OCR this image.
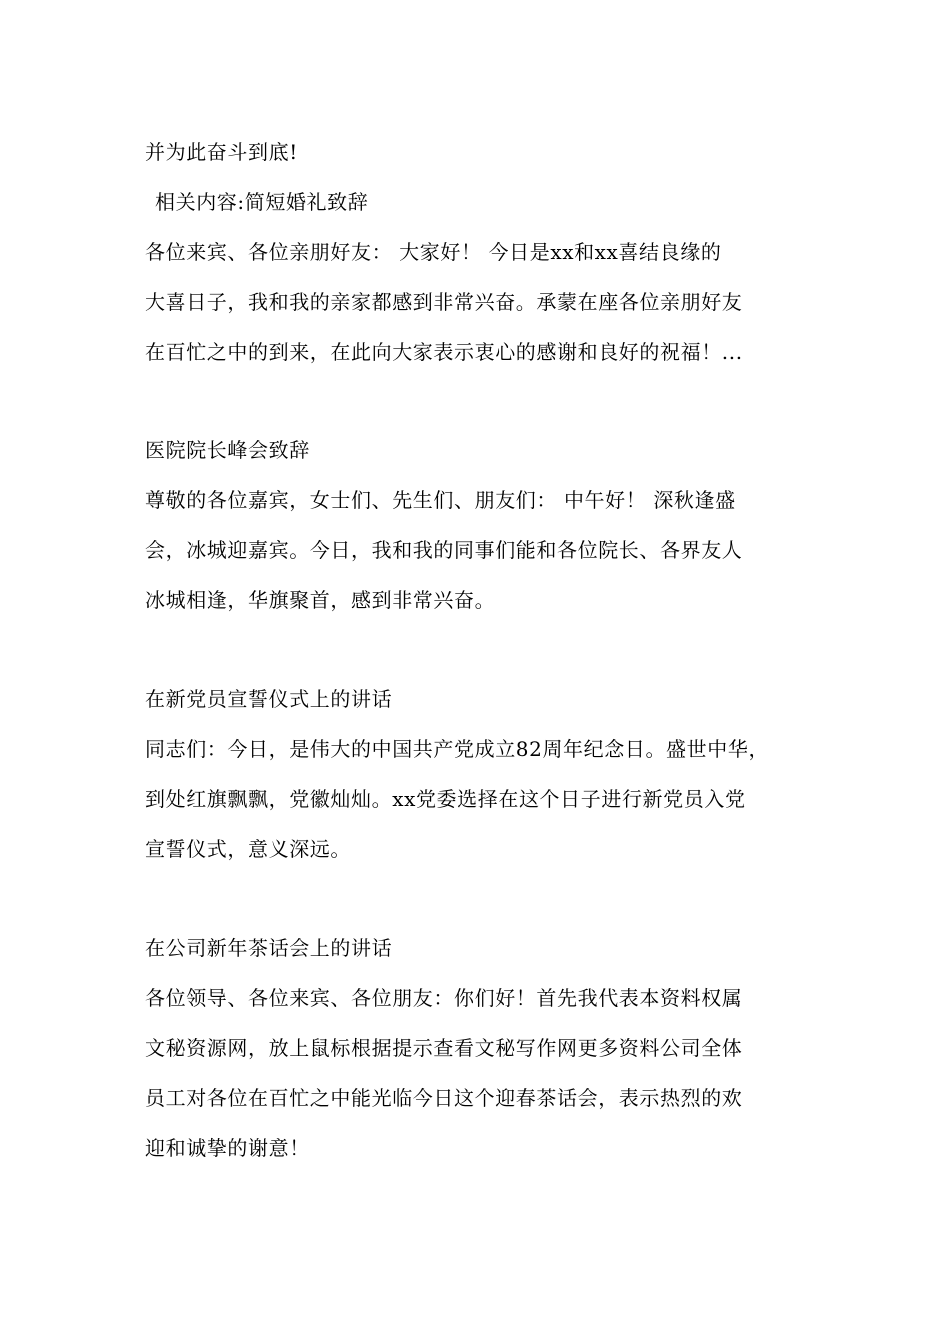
并为此奋斗到底!
相关内容:简短婚礼致辞
各位来宾、各位亲朋好友： 大家好！ 今日是xx和xx喜结良缘的
大喜日子，我和我的亲家都感到非常兴奋。承蒙在座各位亲朋好友
在百忙之中的到来，在此向大家表示衷心的感谢和良好的祝福！...
医院院长峰会致辞
尊敬的各位嘉宾，女士们、先生们、朋友们： 中午好！ 深秋逢盛
会，冰城迎嘉宾。今日，我和我的同事们能和各位院长、各界友人
冰城相逢，华旗聚首，感到非常兴奋。
在新党员宣誓仪式上的讲话
同志们：今日，是伟大的中国共产党成立82周年纪念日。盛世中华，
到处红旗飘飘，党徽灿灿。xx党委选择在这个日子进行新党员入党
宣誓仪式，意义深远。
在公司新年茶话会上的讲话
各位领导、各位来宾、各位朋友：你们好！首先我代表本资料权属
文秘资源网，放上鼠标根据提示查看文秘写作网更多资料公司全体
员工对各位在百忙之中能光临今日这个迎春茶话会，表示热烈的欢
迎和诚挚的谢意！
